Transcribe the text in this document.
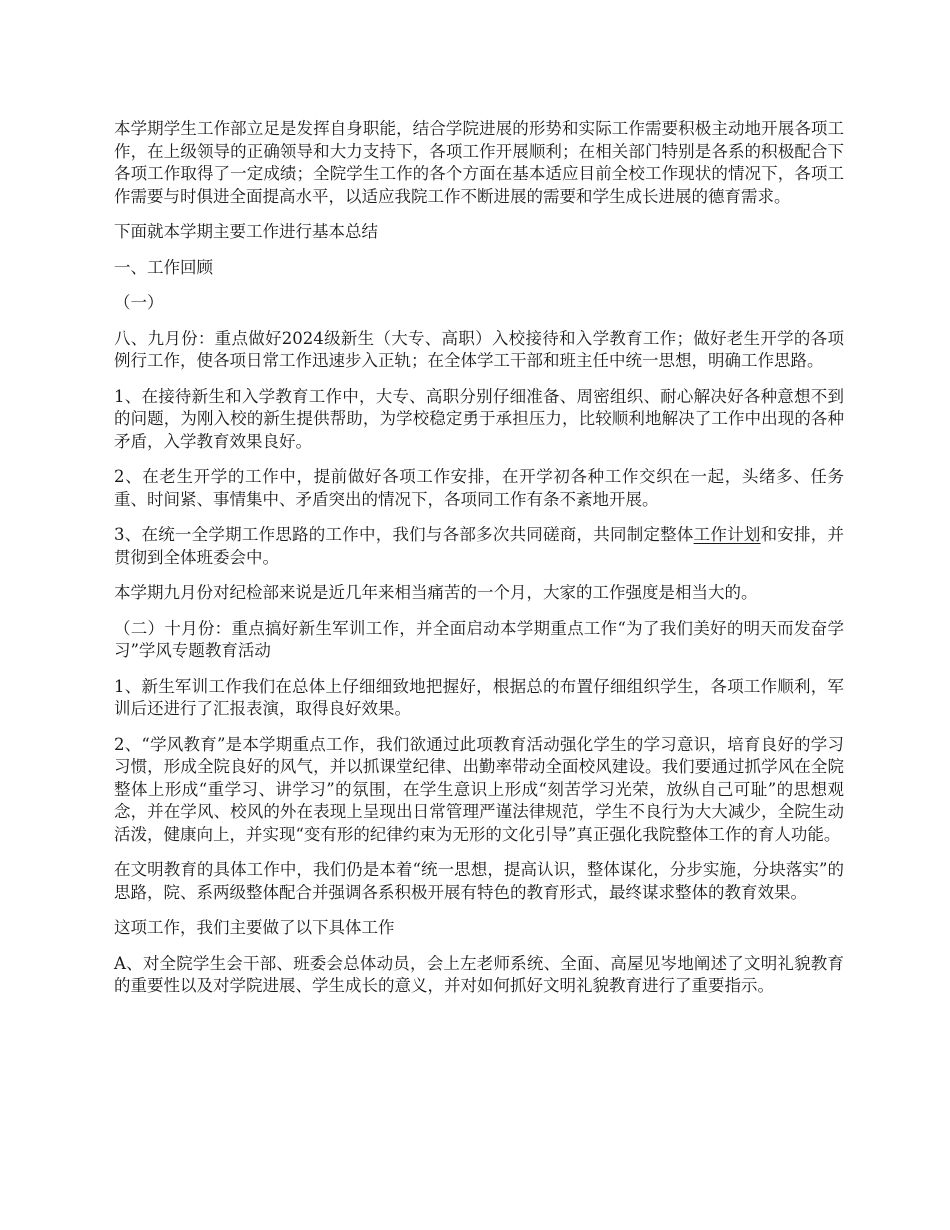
本学期学生工作部立足是发挥自身职能，结合学院进展的形势和实际工作需要积极主动地开展各项工作，在上级领导的正确领导和大力支持下，各项工作开展顺利；在相关部门特别是各系的积极配合下各项工作取得了一定成绩；全院学生工作的各个方面在基本适应目前全校工作现状的情况下，各项工作需要与时俱进全面提高水平，以适应我院工作不断进展的需要和学生成长进展的德育需求。

下面就本学期主要工作进行基本总结

一、工作回顾

（一）

八、九月份：重点做好2024级新生（大专、高职）入校接待和入学教育工作；做好老生开学的各项例行工作，使各项日常工作迅速步入正轨；在全体学工干部和班主任中统一思想，明确工作思路。

1、在接待新生和入学教育工作中，大专、高职分别仔细准备、周密组织、耐心解决好各种意想不到的问题，为刚入校的新生提供帮助，为学校稳定勇于承担压力，比较顺利地解决了工作中出现的各种矛盾，入学教育效果良好。

2、在老生开学的工作中，提前做好各项工作安排，在开学初各种工作交织在一起，头绪多、任务重、时间紧、事情集中、矛盾突出的情况下，各项同工作有条不紊地开展。

3、在统一全学期工作思路的工作中，我们与各部多次共同磋商，共同制定整体工作计划和安排，并贯彻到全体班委会中。

本学期九月份对纪检部来说是近几年来相当痛苦的一个月，大家的工作强度是相当大的。

（二）十月份：重点搞好新生军训工作，并全面启动本学期重点工作“为了我们美好的明天而发奋学习”学风专题教育活动

1、新生军训工作我们在总体上仔细细致地把握好，根据总的布置仔细组织学生，各项工作顺利，军训后还进行了汇报表演，取得良好效果。

2、“学风教育”是本学期重点工作，我们欲通过此项教育活动强化学生的学习意识，培育良好的学习习惯，形成全院良好的风气，并以抓课堂纪律、出勤率带动全面校风建设。我们要通过抓学风在全院整体上形成“重学习、讲学习”的氛围，在学生意识上形成“刻苦学习光荣，放纵自己可耻”的思想观念，并在学风、校风的外在表现上呈现出日常管理严谨法律规范，学生不良行为大大减少，全院生动活泼，健康向上，并实现“变有形的纪律约束为无形的文化引导”真正强化我院整体工作的育人功能。

在文明教育的具体工作中，我们仍是本着“统一思想，提高认识，整体谋化，分步实施，分块落实”的思路，院、系两级整体配合并强调各系积极开展有特色的教育形式，最终谋求整体的教育效果。

这项工作，我们主要做了以下具体工作

A、对全院学生会干部、班委会总体动员，会上左老师系统、全面、高屋见岑地阐述了文明礼貌教育的重要性以及对学院进展、学生成长的意义，并对如何抓好文明礼貌教育进行了重要指示。
